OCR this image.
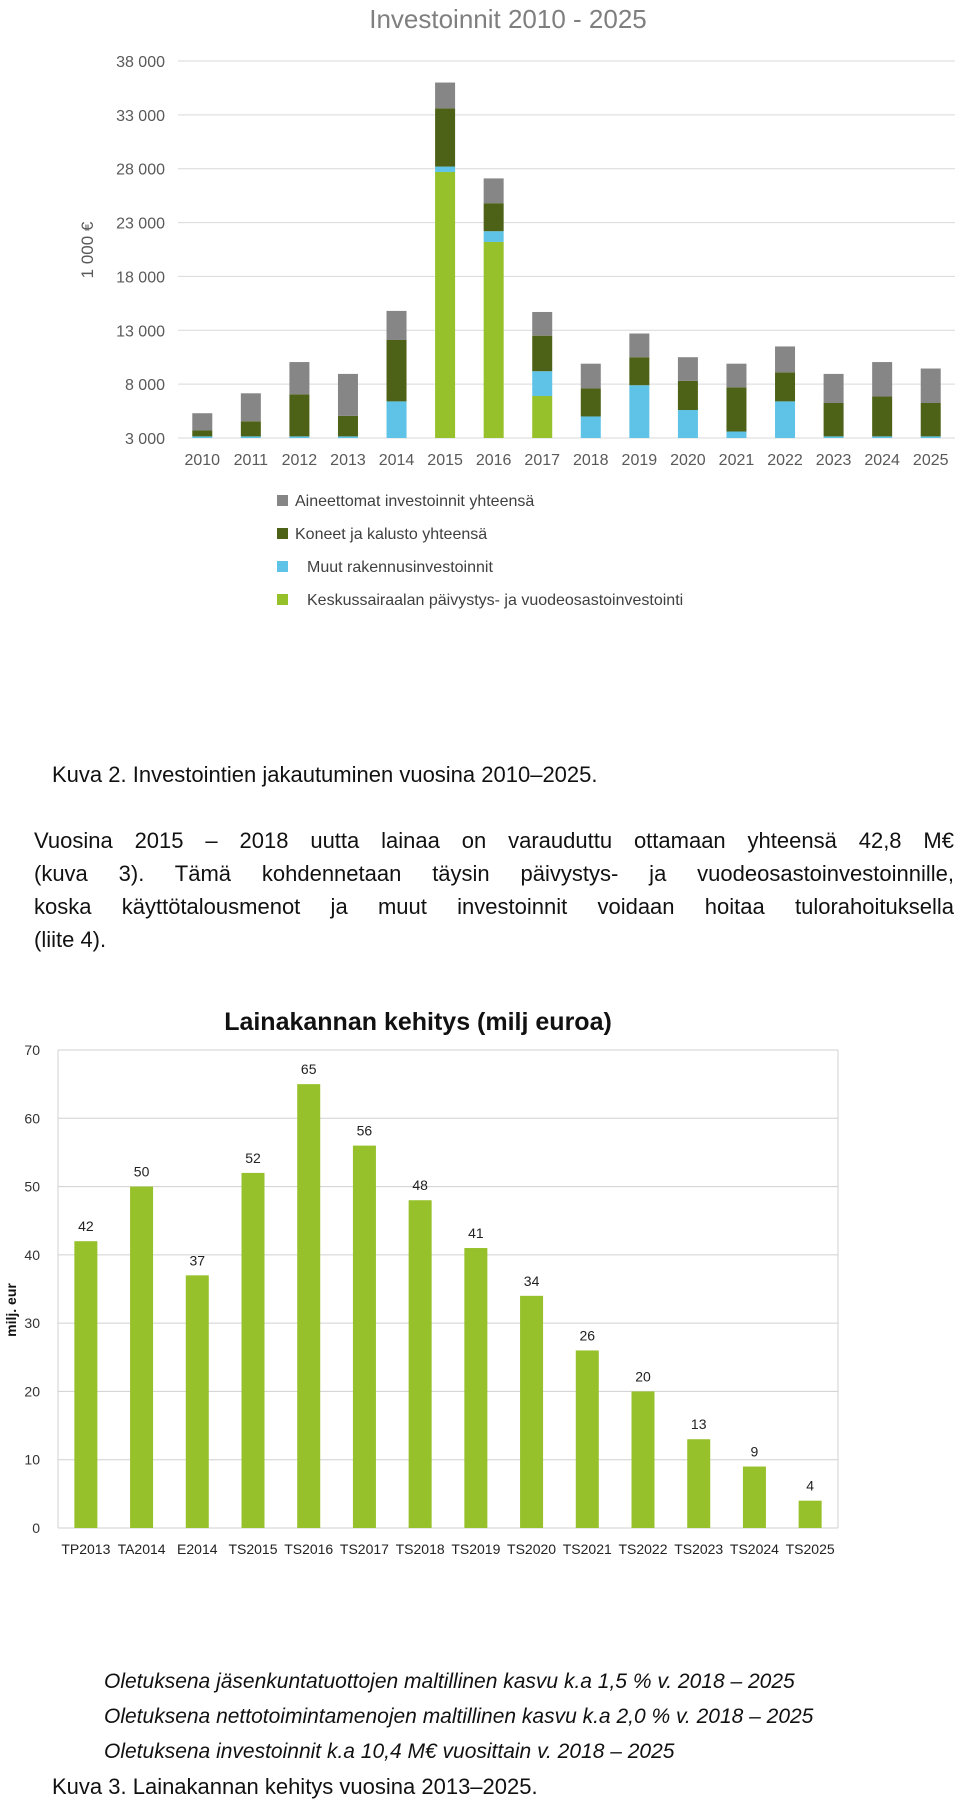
Investoinnit 2010 - 2025
1 000 €
3 000
8 000
13 000
18 000
23 000
28 000
33 000
38 000
2010 2011 2012 2013 2014 2015 2016 2017 2018 2019 2020 2021 2022 2023 2024 2025
Aineettomat investoinnit yhteensä
Koneet ja kalusto yhteensä
Muut rakennusinvestoinnit
Keskussairaalan päivystys- ja vuodeosastoinvestointi
Kuva 2. Investointien jakautuminen vuosina 2010–2025.
Vuosina 2015 – 2018 uutta lainaa on varauduttu ottamaan yhteensä 42,8 M€
(kuva 3). Tämä kohdennetaan täysin päivystys- ja vuodeosastoinvestoinnille,
koska käyttötalousmenot ja muut investoinnit voidaan hoitaa tulorahoituksella
(liite 4).
Lainakannan kehitys (milj euroa)
milj. eur
0
10
20
30
40
50
60
70
42
50
37
52
65
56
48
41
34
26
20
13
9
4
TP2013 TA2014 E2014 TS2015 TS2016 TS2017 TS2018 TS2019 TS2020 TS2021 TS2022 TS2023 TS2024 TS2025
Oletuksena jäsenkuntatuottojen maltillinen kasvu k.a 1,5 % v. 2018 – 2025
Oletuksena nettotoimintamenojen maltillinen kasvu k.a 2,0 % v. 2018 – 2025
Oletuksena investoinnit k.a 10,4 M€ vuosittain v. 2018 – 2025
Kuva 3. Lainakannan kehitys vuosina 2013–2025.
